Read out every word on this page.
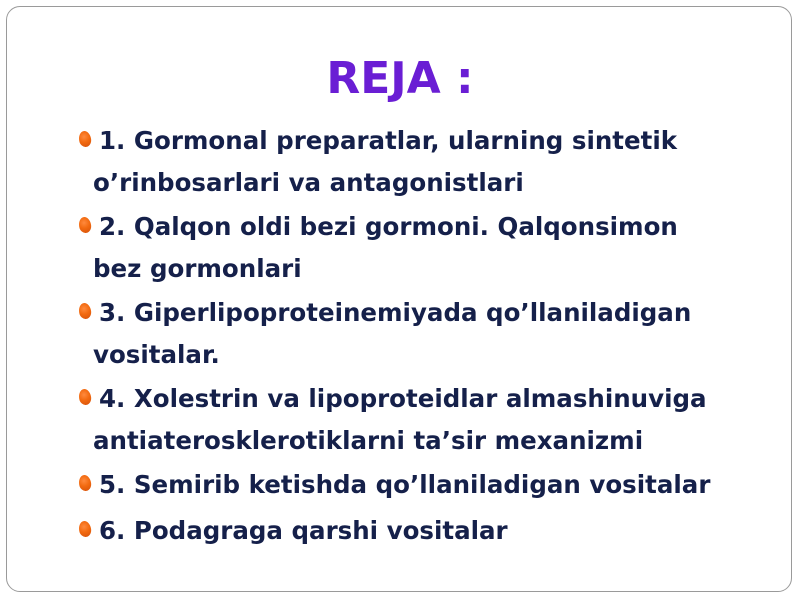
REJA :
1. Gormonal preparatlar, ularning sintetik
o’rinbosarlari va antagonistlari
2. Qalqon oldi bezi gormoni. Qalqonsimon
bez gormonlari
3. Giperlipoproteinemiyada qo’llaniladigan
vositalar.
4. Xolestrin va lipoproteidlar almashinuviga
antiaterosklerotiklarni ta’sir mexanizmi
5. Semirib ketishda qo’llaniladigan vositalar
6. Podagraga qarshi vositalar
